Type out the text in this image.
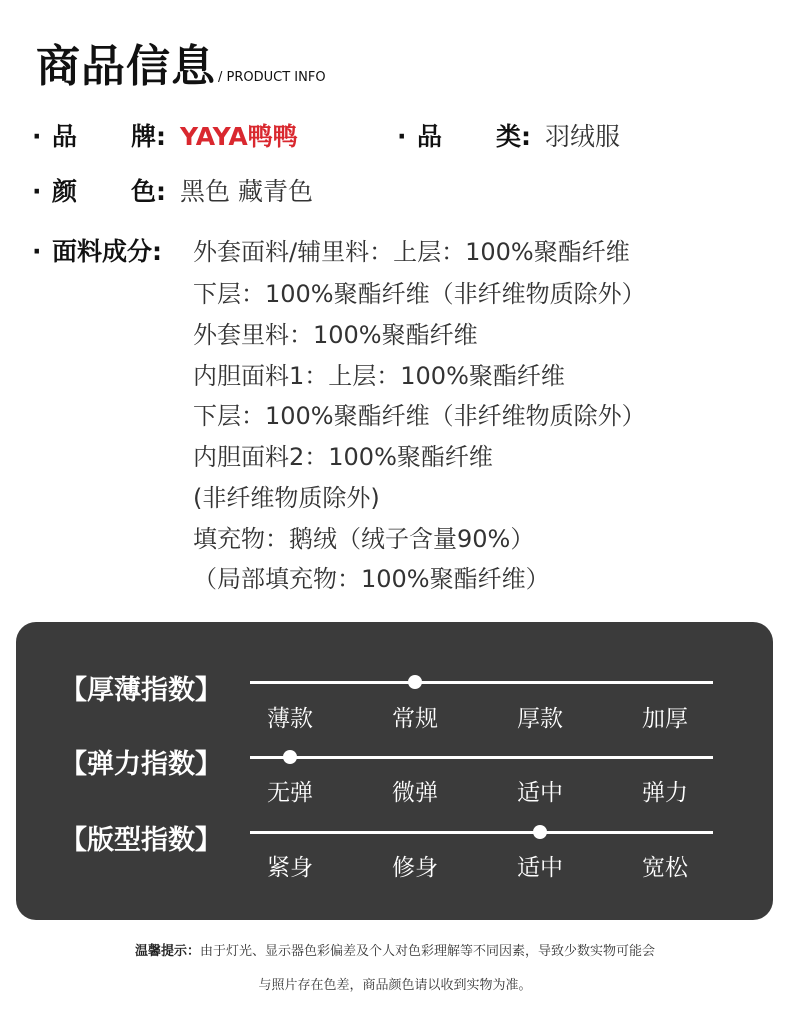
商品信息 / PRODUCT INFO
· 品 牌: YAYA鸭鸭	· 品 类: 羽绒服
· 颜 色: 黑色 藏青色
· 面料成分: 外套面料/辅里料：上层：100%聚酯纤维
下层：100%聚酯纤维（非纤维物质除外）
外套里料：100%聚酯纤维
内胆面料1：上层：100%聚酯纤维
下层：100%聚酯纤维（非纤维物质除外）
内胆面料2：100%聚酯纤维
(非纤维物质除外)
填充物：鹅绒（绒子含量90%）
（局部填充物：100%聚酯纤维）
【厚薄指数】
薄款	常规	厚款	加厚
【弹力指数】
无弹	微弹	适中	弹力
【版型指数】
紧身	修身	适中	宽松
温馨提示：由于灯光、显示器色彩偏差及个人对色彩理解等不同因素，导致少数实物可能会
与照片存在色差，商品颜色请以收到实物为准。
